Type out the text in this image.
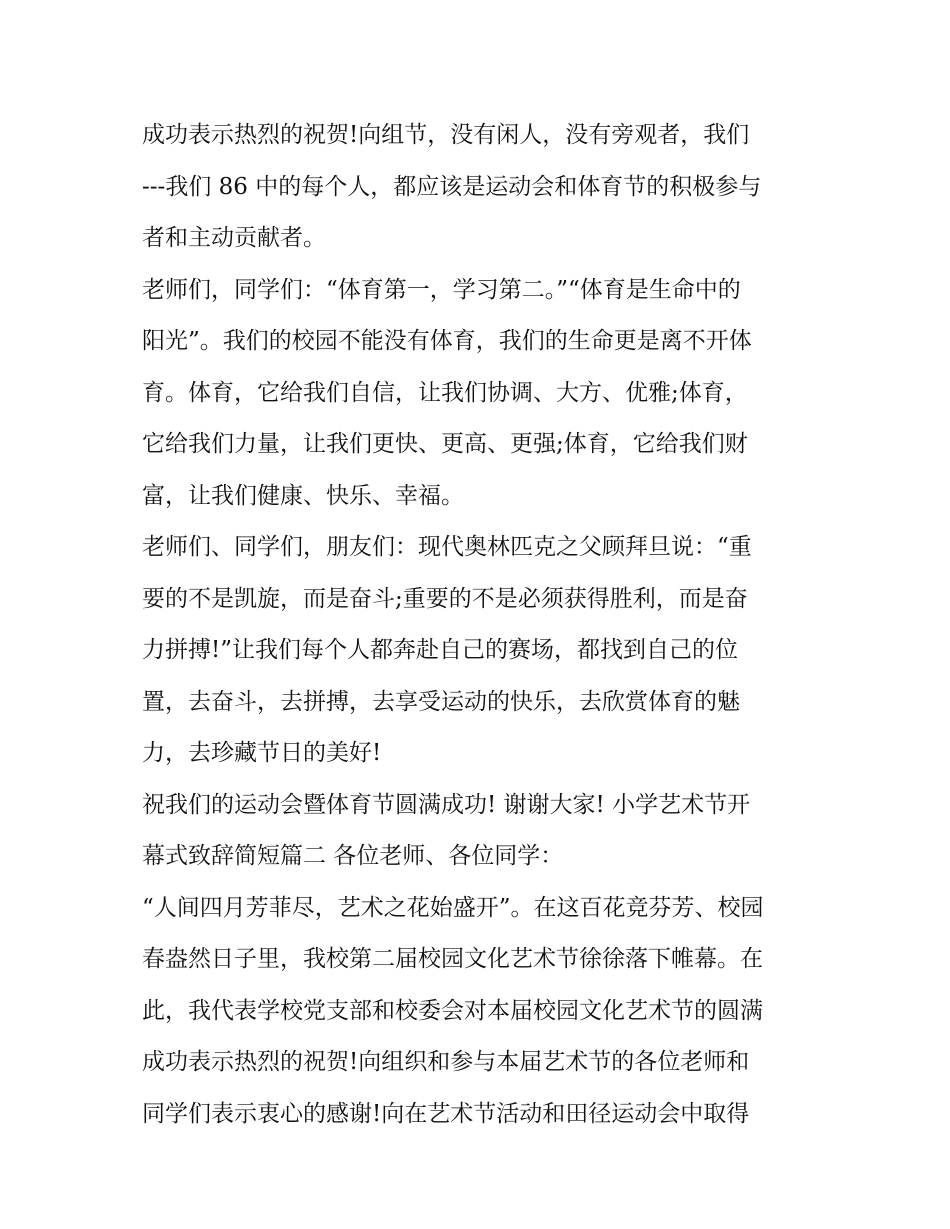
成功表示热烈的祝贺!向组节，没有闲人，没有旁观者，我们
---我们 86 中的每个人，都应该是运动会和体育节的积极参与
者和主动贡献者。
老师们，同学们：“体育第一，学习第二。”“体育是生命中的
阳光”。我们的校园不能没有体育，我们的生命更是离不开体
育。体育，它给我们自信，让我们协调、大方、优雅;体育，
它给我们力量，让我们更快、更高、更强;体育，它给我们财
富，让我们健康、快乐、幸福。
老师们、同学们，朋友们：现代奥林匹克之父顾拜旦说：“重
要的不是凯旋，而是奋斗;重要的不是必须获得胜利，而是奋
力拼搏!”让我们每个人都奔赴自己的赛场，都找到自己的位
置，去奋斗，去拼搏，去享受运动的快乐，去欣赏体育的魅
力，去珍藏节日的美好!
祝我们的运动会暨体育节圆满成功! 谢谢大家! 小学艺术节开
幕式致辞简短篇二 各位老师、各位同学：
“人间四月芳菲尽，艺术之花始盛开”。在这百花竞芬芳、校园
春盎然日子里，我校第二届校园文化艺术节徐徐落下帷幕。在
此，我代表学校党支部和校委会对本届校园文化艺术节的圆满
成功表示热烈的祝贺!向组织和参与本届艺术节的各位老师和
同学们表示衷心的感谢!向在艺术节活动和田径运动会中取得
